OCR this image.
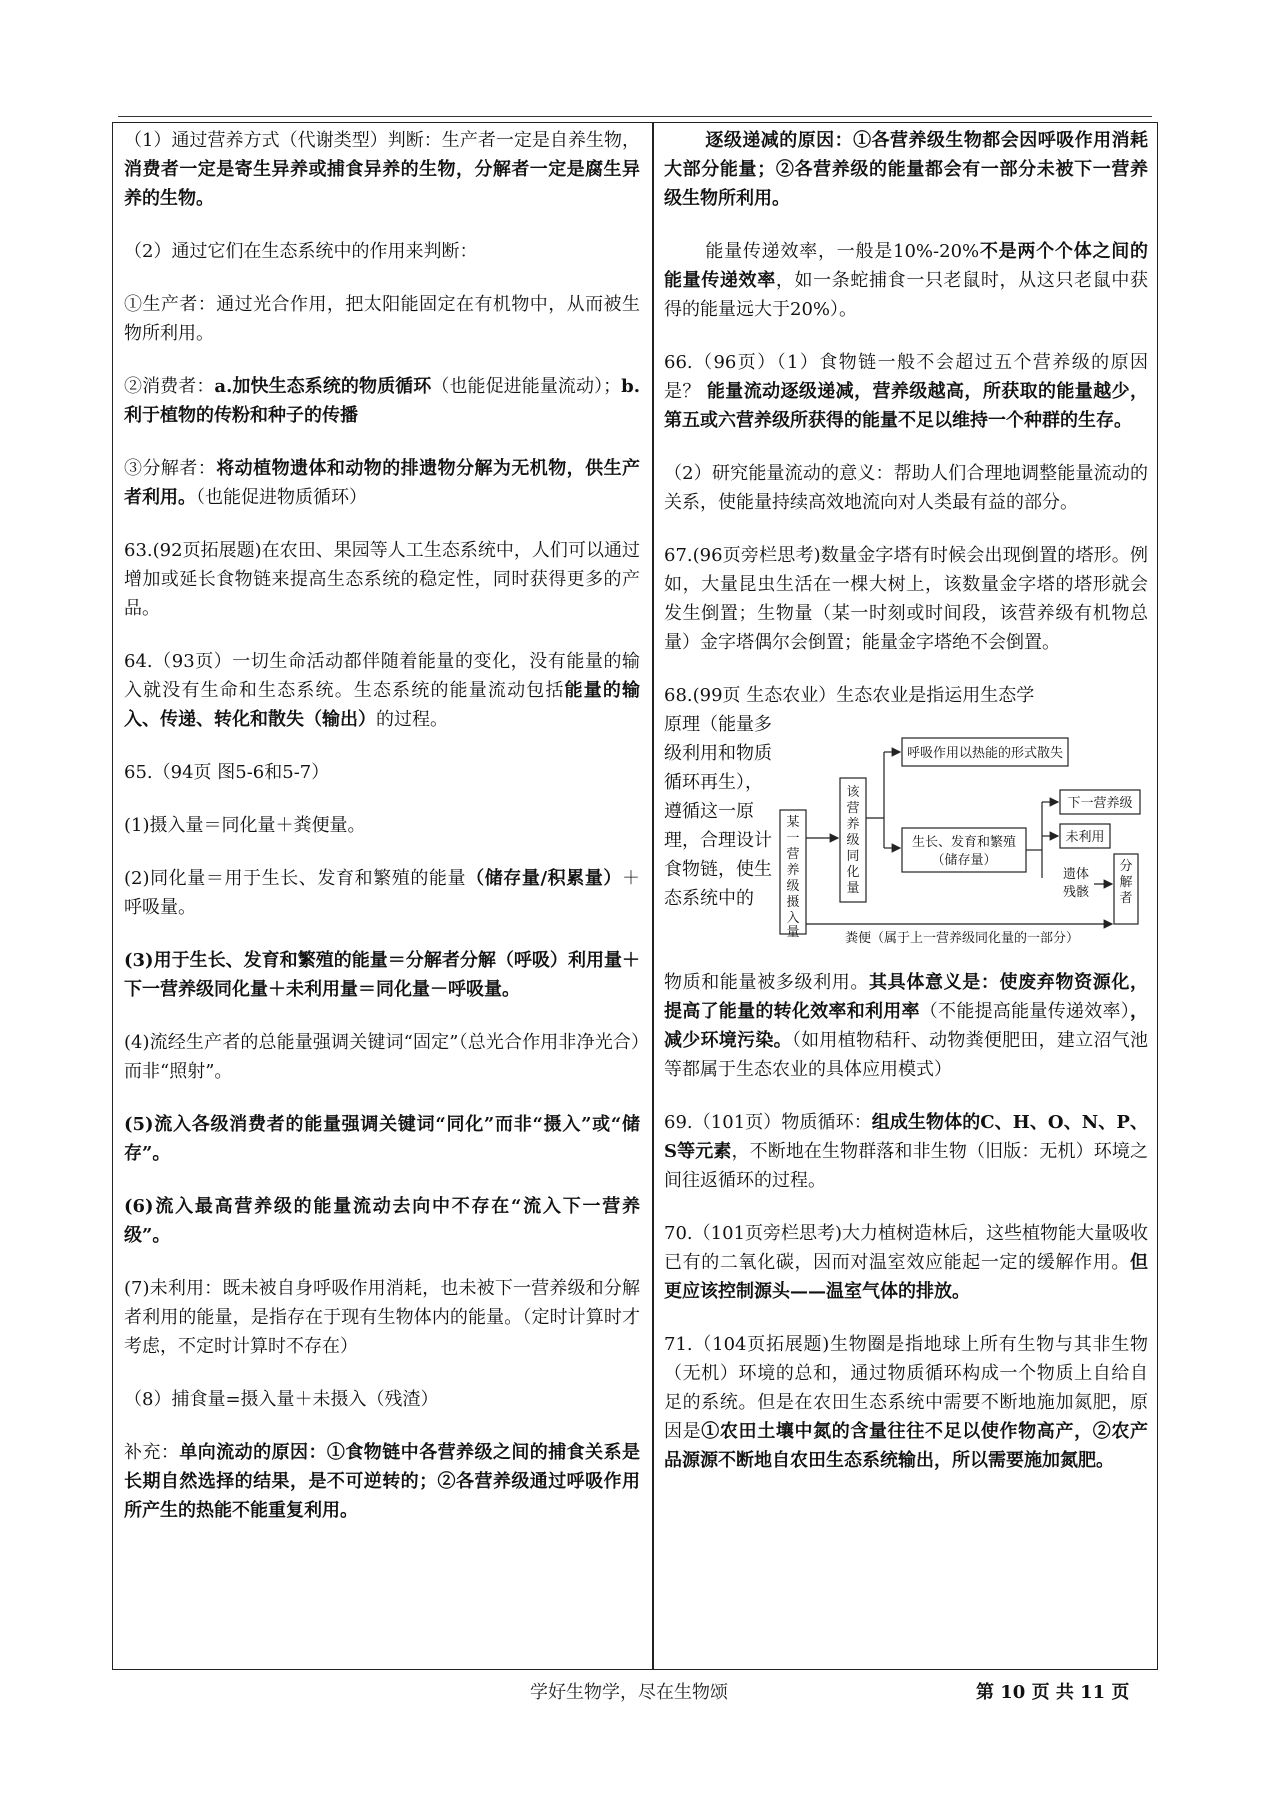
（1）通过营养方式（代谢类型）判断：生产者一定是自养生物，消费者一定是寄生异养或捕食异养的生物，分解者一定是腐生异养的生物。

（2）通过它们在生态系统中的作用来判断：

①生产者：通过光合作用，把太阳能固定在有机物中，从而被生物所利用。

②消费者：a.加快生态系统的物质循环（也能促进能量流动）；b.利于植物的传粉和种子的传播

③分解者：将动植物遗体和动物的排遗物分解为无机物，供生产者利用。（也能促进物质循环）

63.(92页拓展题)在农田、果园等人工生态系统中，人们可以通过增加或延长食物链来提高生态系统的稳定性，同时获得更多的产品。

64.（93页）一切生命活动都伴随着能量的变化，没有能量的输入就没有生命和生态系统。生态系统的能量流动包括能量的输入、传递、转化和散失（输出）的过程。

65.（94页 图5-6和5-7）

(1)摄入量＝同化量＋粪便量。

(2)同化量＝用于生长、发育和繁殖的能量（储存量/积累量）＋呼吸量。

(3)用于生长、发育和繁殖的能量＝分解者分解（呼吸）利用量＋下一营养级同化量＋未利用量＝同化量－呼吸量。

(4)流经生产者的总能量强调关键词“固定”（总光合作用非净光合）而非“照射”。

(5)流入各级消费者的能量强调关键词“同化”而非“摄入”或“储存”。

(6)流入最高营养级的能量流动去向中不存在“流入下一营养级”。

(7)未利用：既未被自身呼吸作用消耗，也未被下一营养级和分解者利用的能量，是指存在于现有生物体内的能量。（定时计算时才考虑，不定时计算时不存在）

（8）捕食量=摄入量＋未摄入（残渣）

补充：单向流动的原因：①食物链中各营养级之间的捕食关系是长期自然选择的结果，是不可逆转的；②各营养级通过呼吸作用所产生的热能不能重复利用。

逐级递减的原因：①各营养级生物都会因呼吸作用消耗大部分能量；②各营养级的能量都会有一部分未被下一营养级生物所利用。

能量传递效率，一般是10%-20%不是两个个体之间的能量传递效率，如一条蛇捕食一只老鼠时，从这只老鼠中获得的能量远大于20%）。

66.（96页）（1）食物链一般不会超过五个营养级的原因是？ 能量流动逐级递减，营养级越高，所获取的能量越少，第五或六营养级所获得的能量不足以维持一个种群的生存。

（2）研究能量流动的意义：帮助人们合理地调整能量流动的关系，使能量持续高效地流向对人类最有益的部分。

67.(96页旁栏思考)数量金字塔有时候会出现倒置的塔形。例如，大量昆虫生活在一棵大树上，该数量金字塔的塔形就会发生倒置；生物量（某一时刻或时间段，该营养级有机物总量）金字塔偶尔会倒置；能量金字塔绝不会倒置。

68.(99页 生态农业）生态农业是指运用生态学

原理（能量多级利用和物质循环再生），遵循这一原理，合理设计食物链，使生态系统中的
某
一
营
养
级
摄
入
量
该
营
养
级
同
化
量
呼吸作用以热能的形式散失
生长、发育和繁殖
（储存量）
下一营养级
未利用
遗体
残骸
分
解
者
粪便（属于上一营养级同化量的一部分）

物质和能量被多级利用。其具体意义是：使废弃物资源化，提高了能量的转化效率和利用率（不能提高能量传递效率），减少环境污染。（如用植物秸秆、动物粪便肥田，建立沼气池等都属于生态农业的具体应用模式）

69.（101页）物质循环：组成生物体的C、H、O、N、P、S等元素，不断地在生物群落和非生物（旧版：无机）环境之间往返循环的过程。

70.（101页旁栏思考)大力植树造林后，这些植物能大量吸收已有的二氧化碳，因而对温室效应能起一定的缓解作用。但更应该控制源头——温室气体的排放。

71.（104页拓展题)生物圈是指地球上所有生物与其非生物（无机）环境的总和，通过物质循环构成一个物质上自给自足的系统。但是在农田生态系统中需要不断地施加氮肥，原因是①农田土壤中氮的含量往往不足以使作物高产，②农产品源源不断地自农田生态系统输出，所以需要施加氮肥。

学好生物学，尽在生物颂	第 10 页 共 11 页
